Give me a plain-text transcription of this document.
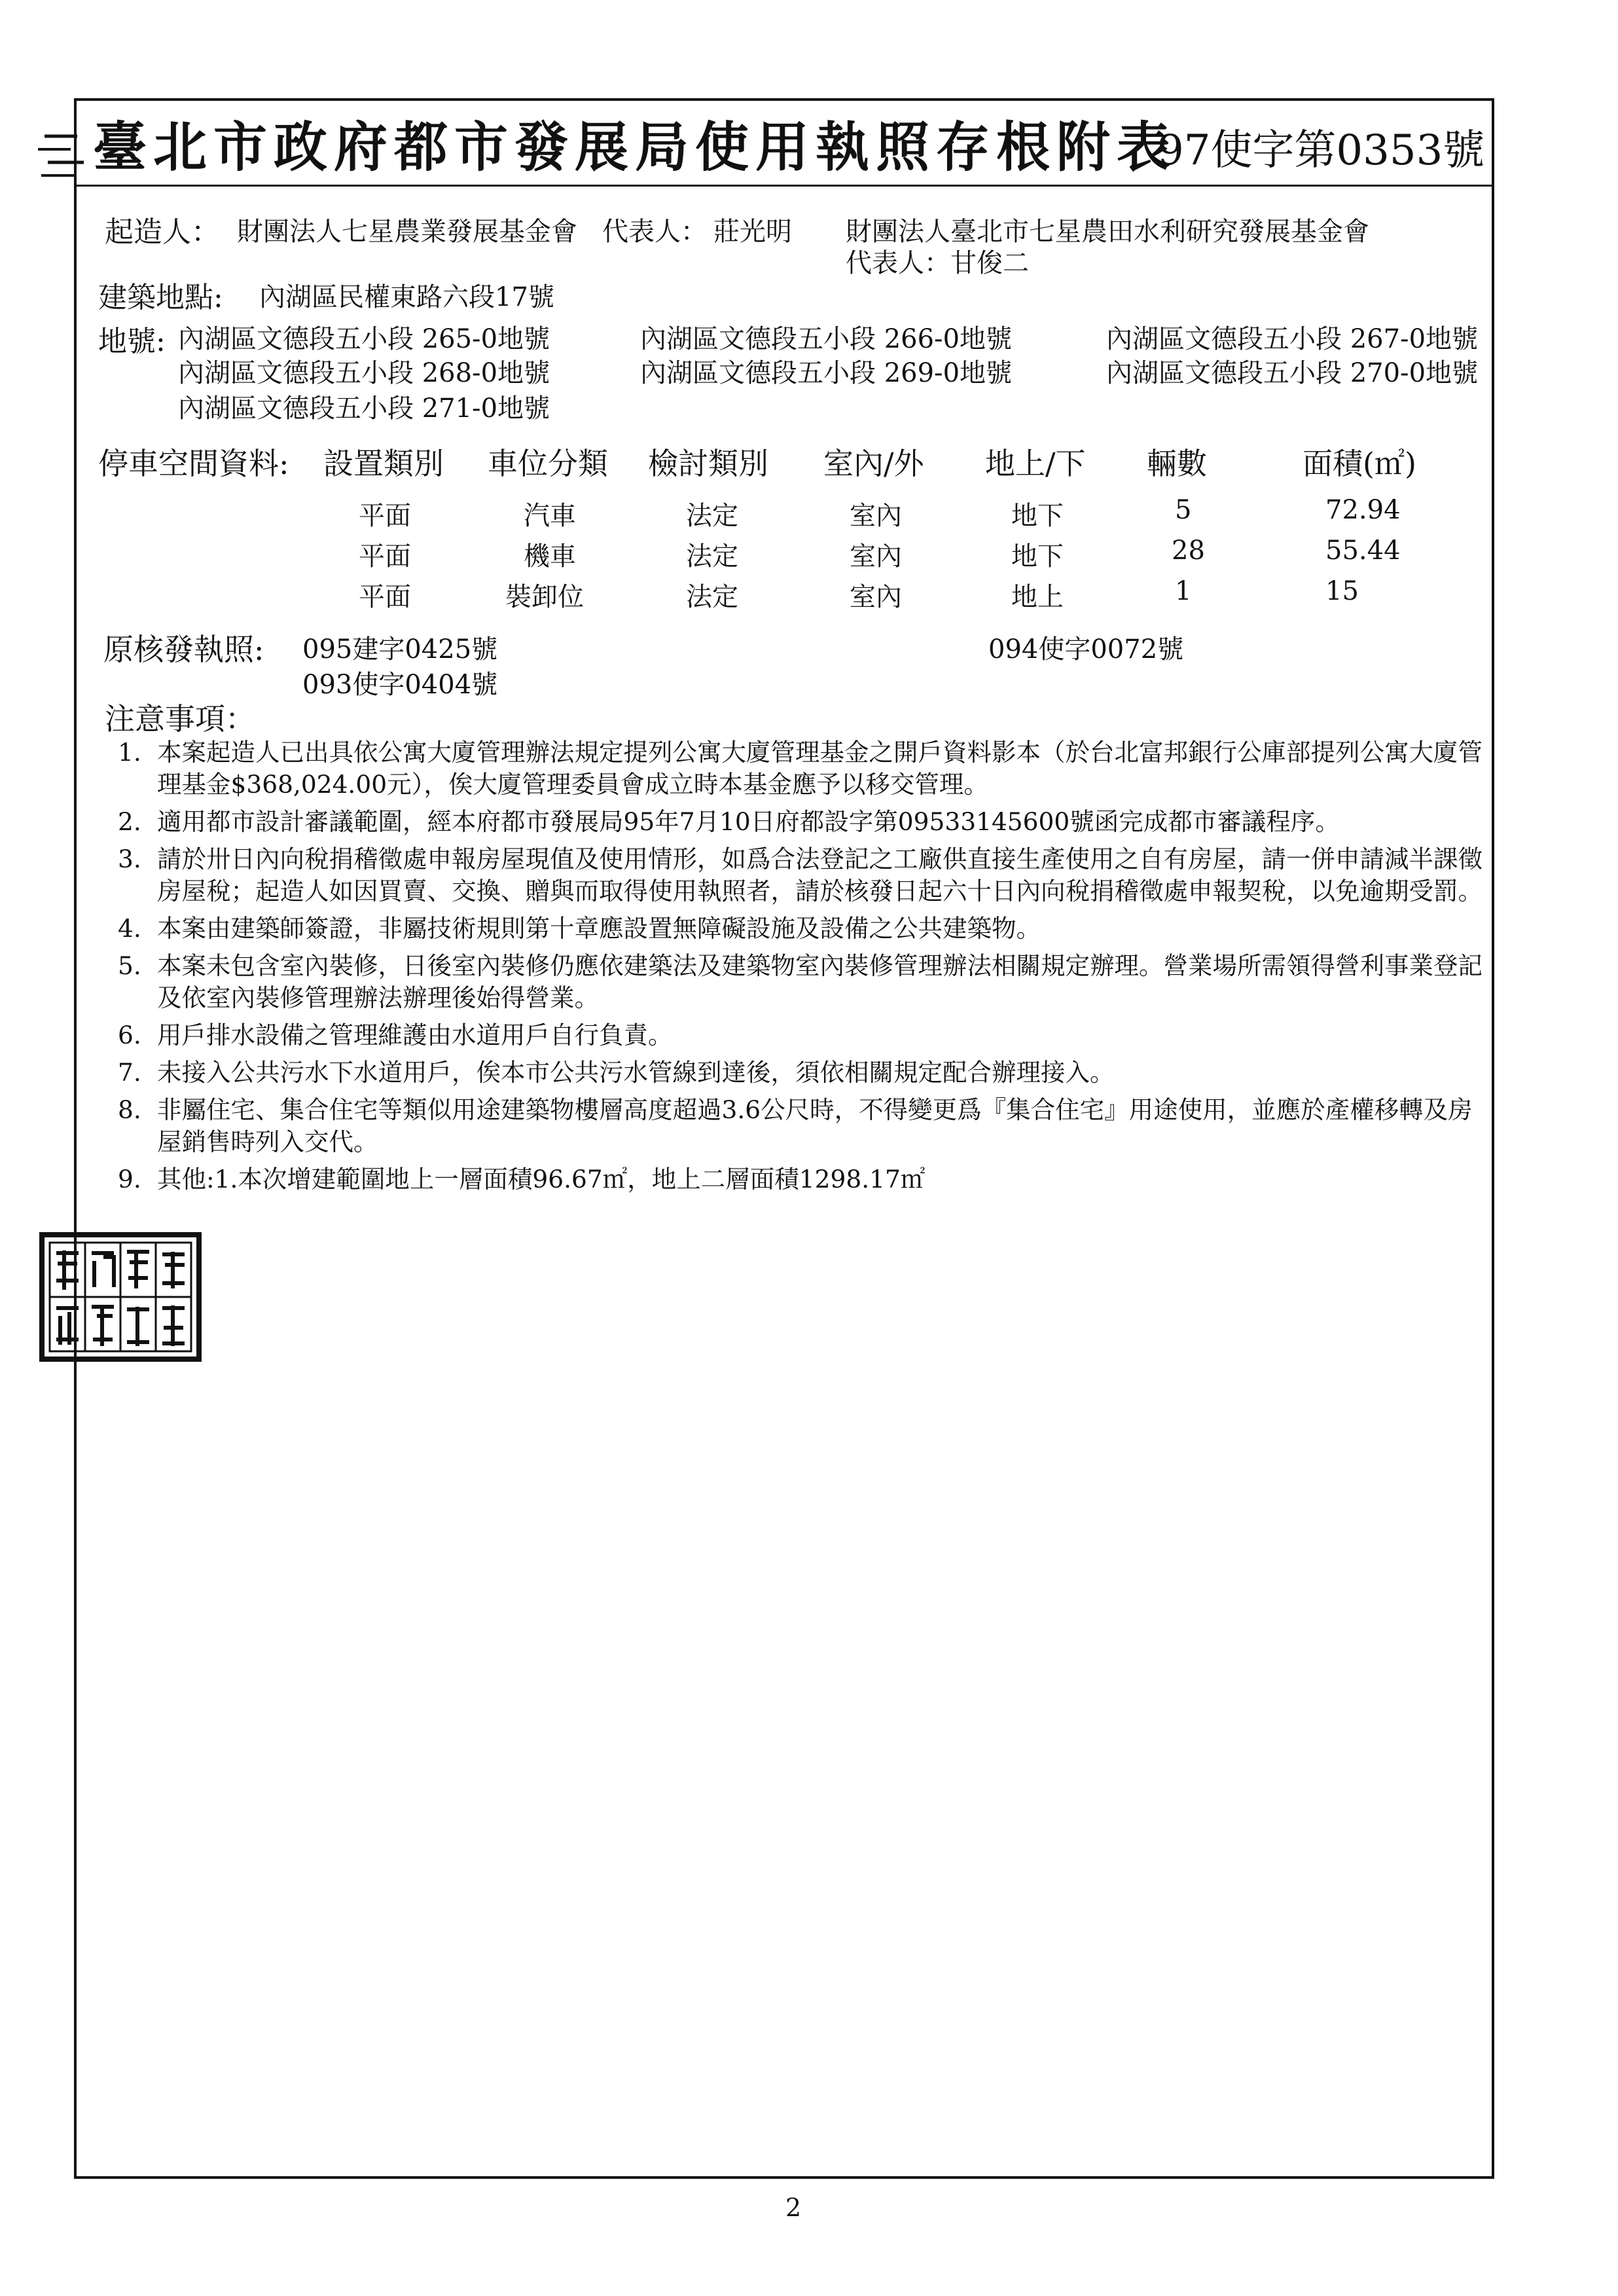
臺北市政府都市發展局使用執照存根附表
97使字第0353號
起造人： 財團法人七星農業發展基金會 代表人： 莊光明 財團法人臺北市七星農田水利研究發展基金會
代表人：甘俊二
建築地點: 內湖區民權東路六段17號
地號: 內湖區文德段五小段 265-0地號	內湖區文德段五小段 266-0地號	內湖區文德段五小段 267-0地號
內湖區文德段五小段 268-0地號	內湖區文德段五小段 269-0地號	內湖區文德段五小段 270-0地號
內湖區文德段五小段 271-0地號
停車空間資料: 設置類別 車位分類 檢討類別 室內/外 地上/下 輛數	面積(㎡)
平面	汽車	法定	室內	地下	5	72.94
平面	機車	法定	室內	地下	28	55.44
平面	裝卸位	法定	室內	地上	1	15
原核發執照: 095建字0425號	094使字0072號
093使字0404號
注意事項：
1. 本案起造人已出具依公寓大廈管理辦法規定提列公寓大廈管理基金之開戶資料影本（於台北富邦銀行公庫部提列公寓大廈管理基金$368,024.00元），俟大廈管理委員會成立時本基金應予以移交管理。
2. 適用都市設計審議範圍，經本府都市發展局95年7月10日府都設字第09533145600號函完成都市審議程序。
3. 請於卅日內向稅捐稽徵處申報房屋現值及使用情形，如爲合法登記之工廠供直接生產使用之自有房屋，請一併申請減半課徵房屋稅；起造人如因買賣、交換、贈與而取得使用執照者，請於核發日起六十日內向稅捐稽徵處申報契稅，以免逾期受罰。
4. 本案由建築師簽證，非屬技術規則第十章應設置無障礙設施及設備之公共建築物。
5. 本案未包含室內裝修，日後室內裝修仍應依建築法及建築物室內裝修管理辦法相關規定辦理。營業場所需領得營利事業登記及依室內裝修管理辦法辦理後始得營業。
6. 用戶排水設備之管理維護由水道用戶自行負責。
7. 未接入公共污水下水道用戶，俟本市公共污水管線到達後，須依相關規定配合辦理接入。
8. 非屬住宅、集合住宅等類似用途建築物樓層高度超過3.6公尺時，不得變更爲『集合住宅』用途使用，並應於產權移轉及房屋銷售時列入交代。
9. 其他:1.本次增建範圍地上一層面積96.67㎡，地上二層面積1298.17㎡
2
